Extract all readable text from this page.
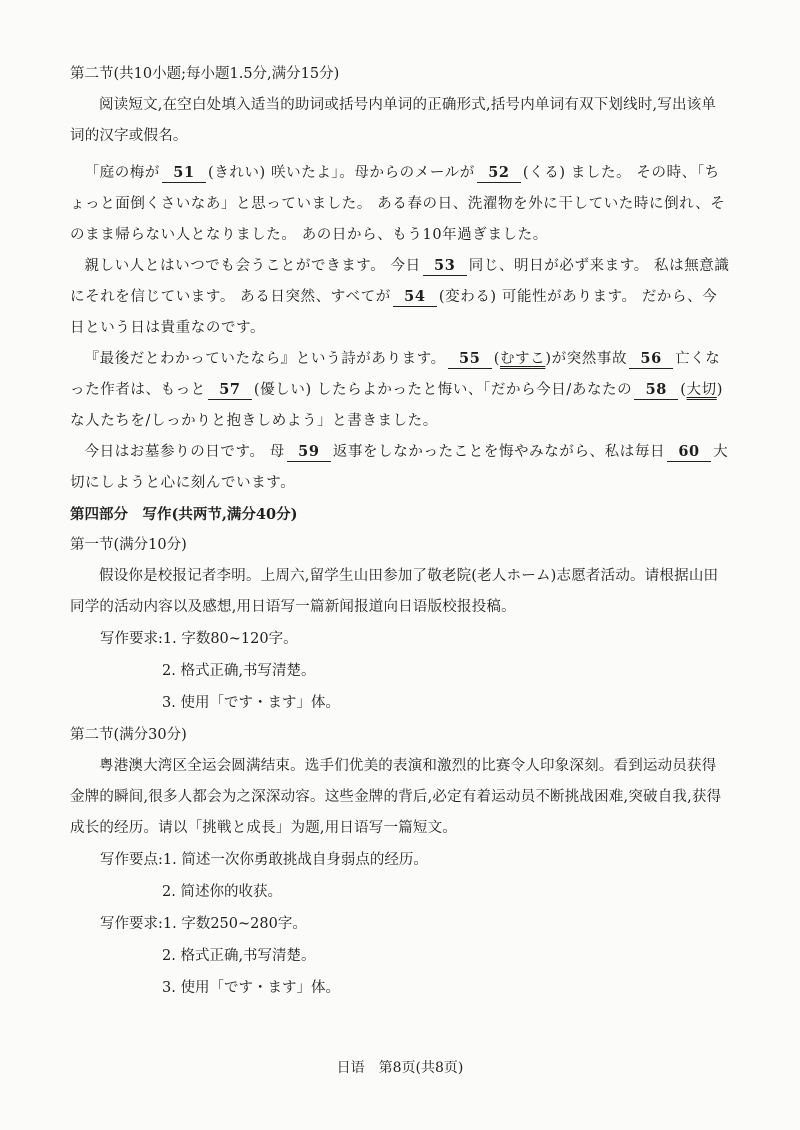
第二节(共10小题;每小题1.5分,满分15分)

阅读短文,在空白处填入适当的助词或括号内单词的正确形式,括号内单词有双下划线时,写出该单词的汉字或假名。

「庭の梅が 51 (きれい) 咲いたよ」。母からのメールが 52 (くる) ました。 その時、「ちょっと面倒くさいなあ」と思っていました。 ある春の日、洗濯物を外に干していた時に倒れ、そのまま帰らない人となりました。 あの日から、もう10年過ぎました。

親しい人とはいつでも会うことができます。 今日 53 同じ、明日が必ず来ます。 私は無意識にそれを信じています。 ある日突然、すべてが 54 (変わる) 可能性があります。 だから、今日という日は貴重なのです。

『最後だとわかっていたなら』という詩があります。 55 (むすこ)が突然事故 56 亡くなった作者は、もっと 57 (優しい) したらよかったと悔い、「だから今日/あなたの 58 (大切)な人たちを/しっかりと抱きしめよう」と書きました。

今日はお墓参りの日です。 母 59 返事をしなかったことを悔やみながら、私は毎日 60 大切にしようと心に刻んでいます。

第四部分　写作(共两节,满分40分)

第一节(满分10分)

假设你是校报记者李明。上周六,留学生山田参加了敬老院(老人ホーム)志愿者活动。请根据山田同学的活动内容以及感想,用日语写一篇新闻报道向日语版校报投稿。

写作要求:1. 字数80~120字。

2. 格式正确,书写清楚。

3. 使用「です・ます」体。

第二节(满分30分)

粤港澳大湾区全运会圆满结束。选手们优美的表演和激烈的比赛令人印象深刻。看到运动员获得金牌的瞬间,很多人都会为之深深动容。这些金牌的背后,必定有着运动员不断挑战困难,突破自我,获得成长的经历。请以「挑戦と成長」为题,用日语写一篇短文。

写作要点:1. 简述一次你勇敢挑战自身弱点的经历。

2. 简述你的收获。

写作要求:1. 字数250~280字。

2. 格式正确,书写清楚。

3. 使用「です・ます」体。

日语　第8页(共8页)
